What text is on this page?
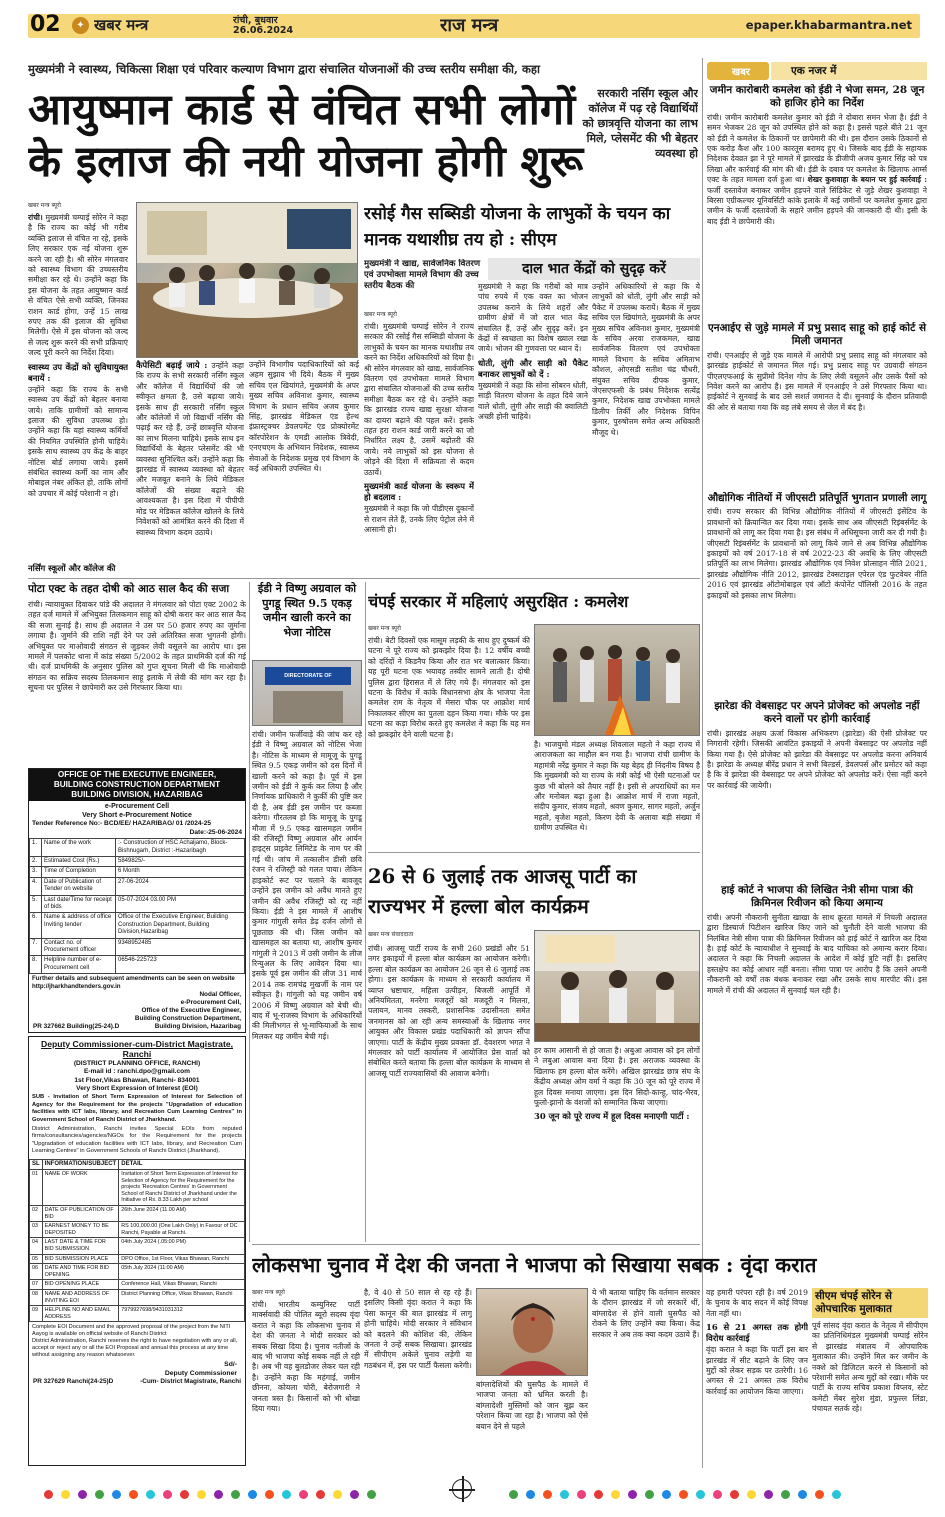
02	✦ खबर मन्त्र	रांची, बुधवार
26.06.2024	राज मन्त्र	epaper.khabarmantra.net
मुख्यमंत्री ने स्वास्थ्य, चिकित्सा शिक्षा एवं परिवार कल्याण विभाग द्वारा संचालित योजनाओं की उच्च स्तरीय समीक्षा की, कहा
आयुष्मान कार्ड से वंचित सभी लोगों के इलाज की नयी योजना होगी शुरू
सरकारी नर्सिंग स्कूल और कॉलेज में पढ़ रहे विद्यार्थियों को छात्रवृत्ति योजना का लाभ मिले, प्लेसमेंट की भी बेहतर व्यवस्था हो
खबर मन्त्र ब्यूरो
रांची। मुख्यमंत्री चम्पाई सोरेन ने कहा है कि राज्य का कोई भी गरीब व्यक्ति इलाज से वंचित ना रहे, इसके लिए सरकार एक नई योजना शुरू करने जा रही है। श्री सोरेन मंगलवार को स्वास्थ्य विभाग की उच्चस्तरीय समीक्षा कर रहे थे। उन्होंने कहा कि इस योजना के तहत आयुष्मान कार्ड से वंचित ऐसे सभी व्यक्ति, जिनका राशन कार्ड होगा, उन्हें 15 लाख रुपए तक की इलाज की सुविधा मिलेगी। ऐसे में इस योजना को जल्द से जल्द शुरू करने की सभी प्रक्रियाएं जल्द पूरी करने का निर्देश दिया।
स्वास्थ्य उप केंद्रों को सुविधायुक्त बनायें :
उन्होंने कहा कि राज्य के सभी स्वास्थ्य उप केंद्रों को बेहतर बनाया जाये। ताकि ग्रामीणों को सामान्य इलाज की सुविधा उपलब्ध हो। उन्होंने कहा कि यहां स्वास्थ्य कर्मियों की नियमित उपस्थिति होनी चाहिये। इसके साथ स्वास्थ्य उप केंद्र के बाहर नोटिस बोर्ड लगाया जाये। इसमें संबंधित स्वास्थ्य कर्मी का नाम और मोबाइल नंबर अंकित हो, ताकि लोगों को उपचार में कोई परेशानी न हो।
नर्सिंग स्कूलों और कॉलेज की
कैपेसिटी बढ़ाई जाये : उन्होंने कहा कि राज्य के सभी सरकारी नर्सिंग स्कूल और कॉलेज में विद्यार्थियों की जो स्वीकृत क्षमता है, उसे बढ़ाया जाये। इसके साथ ही सरकारी नर्सिंग स्कूल और कॉलेजों में जो विद्यार्थी नर्सिंग की पढ़ाई कर रहे हैं, उन्हें छात्रवृत्ति योजना का लाभ मिलना चाहिये। इसके साथ इन विद्यार्थियों के बेहतर प्लेसमेंट की भी व्यवस्था सुनिश्चित करें। उन्होंने कहा कि झारखंड में स्वास्थ्य व्यवस्था को बेहतर और मजबूत बनाने के लिये मेडिकल कॉलेजों की संख्या बढ़ाने की आवश्यकता है। इस दिशा में पीपीपी मोड पर मेडिकल कॉलेज खोलने के लिये निवेशकों को आमंत्रित करने की दिशा में स्वास्थ्य विभाग कदम उठाये।
उन्होंने विभागीय पदाधिकारियों को कई अहम सुझाव भी दिये। बैठक में मुख्य सचिव एल खियांगते, मुख्यमंत्री के अपर मुख्य सचिव अविनाश कुमार, स्वास्थ्य विभाग के प्रधान सचिव अजय कुमार सिंह, झारखंड मेडिकल एंड हेल्थ इंफ्रास्ट्रक्चर डेवलपमेंट एंड प्रोक्योरमेंट कॉरपोरेशन के एमडी आलोक त्रिवेदी, एनएचएम के अभियान निदेशक, स्वास्थ्य सेवाओं के निदेशक प्रमुख एवं विभाग के कई अधिकारी उपस्थित थे।
रसोई गैस सब्सिडी योजना के लाभुकों के चयन का मानक यथाशीघ्र तय हो : सीएम
मुख्यमंत्री ने खाद्य, सार्वजनिक वितरण एवं उपभोक्ता मामले विभाग की उच्च स्तरीय बैठक की
दाल भात केंद्रों को सुदृढ़ करें
खबर मन्त्र ब्यूरो
रांची। मुख्यमंत्री चम्पाई सोरेन ने राज्य सरकार की रसोई गैस सब्सिडी योजना के लाभुकों के चयन का मानक यथाशीघ्र तय करने का निर्देश अधिकारियों को दिया है। श्री सोरेन मंगलवार को खाद्य, सार्वजनिक वितरण एवं उपभोक्ता मामले विभाग द्वारा संचालित योजनाओं की उच्च स्तरीय समीक्षा बैठक कर रहे थे। उन्होंने कहा कि झारखंड राज्य खाद्य सुरक्षा योजना का दायरा बढ़ाने की पहल करें। इसके तहत हरा राशन कार्ड जारी करने का जो निर्धारित लक्ष्य है, उसमें बढ़ोतरी की जाये। नये लाभुकों को इस योजना से जोड़ने की दिशा में सक्रियता से कदम उठायें।
मुख्यमंत्री कार्ड योजना के स्वरूप में हो बदलाव :
मुख्यमंत्री ने कहा कि जो पीडीएस दुकानों से राशन लेते हैं, उनके लिए पेट्रोल लेने में आसानी हो।
मुख्यमंत्री ने कहा कि गरीबों को मात्र पांच रुपये में एक वक्त का भोजन उपलब्ध कराने के लिये शहरों और ग्रामीण क्षेत्रों में जो दाल भात केंद्र संचालित हैं, उन्हें और सुदृढ़ करें। इन केंद्रों में स्वच्छता का विशेष ख्याल रखा जाये। भोजन की गुणवत्ता पर ध्यान दें।
धोती, लुंगी और साड़ी को पैकेट बनाकर लाभुकों को दें :
मुख्यमंत्री ने कहा कि सोना सोबरन धोती, साड़ी वितरण योजना के तहत दिये जाने वाले धोती, लुंगी और साड़ी की क्वालिटी अच्छी होनी चाहिये।
उन्होंने अधिकारियों से कहा कि ये लाभुकों को धोती, लुंगी और साड़ी को पैकेट में उपलब्ध करायें। बैठक में मुख्य सचिव एल खियांगते, मुख्यमंत्री के अपर मुख्य सचिव अविनाश कुमार, मुख्यमंत्री के सचिव अरवा राजकमल, खाद्य सार्वजनिक वितरण एवं उपभोक्ता मामले विभाग के सचिव अमिताभ कौशल, ओएसडी सतीश चंद्र चौधरी, संयुक्त सचिव दीपक कुमार, जेएसएफसी के प्रबंध निदेशक सत्येंद्र कुमार, निदेशक खाद्य उपभोक्ता मामले डिलीप तिर्की और निदेशक विपिन कुमार, पुरुषोत्तम समेत अन्य अधिकारी मौजूद थे।
पोटा एक्ट के तहत दोषी को आठ साल कैद की सजा
रांची। न्यायायुक्त दिवाकर पांडे की अदालत ने मंगलवार को पोटा एक्ट 2002 के तहत दर्ज मामले में अभियुक्त तिलकमान साहू को दोषी करार कर आठ साल कैद की सजा सुनाई है। साथ ही अदालत ने उस पर 50 हजार रुपए का जुर्माना लगाया है। जुर्माने की राशि नहीं देने पर उसे अतिरिक्त सजा भुगतनी होगी। अभियुक्त पर माओवादी संगठन से जुड़कर लेवी वसूलने का आरोप था। इस मामले में पलकोट थाना में कांड संख्या 5/2002 के तहत प्राथमिकी दर्ज की गई थी। दर्ज प्राथमिकी के अनुसार पुलिस को गुप्त सूचना मिली थी कि माओवादी संगठन का सक्रिय सदस्य तिलकमान साहू इलाके में लेवी की मांग कर रहा है। सूचना पर पुलिस ने छापेमारी कर उसे गिरफ्तार किया था।
OFFICE OF THE EXECUTIVE ENGINEER,
BUILDING CONSTRUCTION DEPARTMENT
BUILDING DIVISION, HAZARIBAG
e-Procurement Cell
Very Short e-Procurement Notice
Tender Reference No:- BCD/EE/ HAZARIBAG/ 01 /2024-25
Date:-25-06-2024
1.	Name of the work	:- Construction of HSC Achaljamo, Block- Bishnugarh, District :-Hazaribagh
2.	Estimated Cost (Rs.)	5849825/-
3.	Time of Completion	6 Month
4.	Date of Publication of Tender on website	27-06-2024
5.	Last date/Time for receipt of bids	05-07-2024 03.00 PM
6.	Name & address of office Inviting tender	Office of the Executive Engineer, Building Construction Department, Building Division,Hazaribag
7.	Contact no. of Procurement officer	9348952485
8.	Helpline number of e-Procurement cell	06546-225723
Further details and subsequent amendments can be seen on website http://jharkhandtenders.gov.in
Nodal Officer,
e-Procurement Cell,
Office of the Executive Engineer,
Building Construction Department,
PR 327662 Building(25-24).D	Building Division, Hazaribag
Deputy Commissioner-cum-District Magistrate, Ranchi
(DISTRICT PLANNING OFFICE, RANCHI)
E-mail id : ranchi.dpo@gmail.com
1st Floor,Vikas Bhawan, Ranchi- 834001
Very Short Expression of Interest (EOI)
SUB - Invitation of Short Term Expression of Interest for Selection of Agency for the Requirement for the projects "Upgradation of education facilities with ICT labs, library, and Recreation Cum Learning Centres" in Government School of Ranchi District of Jharkhand.
District Administration, Ranchi invites Special EOIs from reputed firms/consultancies/agencies/NGOs for the Requirement for the projects "Upgradation of education facilities with ICT labs, library, and Recreation Cum Learning Centres" in Government Schools of Ranchi District (Jharkhand).
SL	INFORMATION/SUBJECT	DETAIL
01	NAME OF WORK	Invitation of Short Term Expression of Interest for Selection of Agency for the Requirement for the projects 'Recreation Centres' in Government School of Ranchi District of Jharkhand under the Initiative of Rs. 8.33 Lakh per school
02	DATE OF PUBLICATION OF BID	26th June 2024 (11.00 AM)
03	EARNEST MONEY TO BE DEPOSITED	RS 100,000.00 (One Lakh Only) in Favour of DC Ranchi, Payable at Ranchi.
04	LAST DATE & TIME FOR BID SUBMISSION	04th July 2024 (.05:00 PM)
05	BID SUBMISSION PLACE	DPO Office, 1st Floor, Vikas Bhawan, Ranchi
06	DATE AND TIME FOR BID OPENING	05th July 2024 (11:00 AM)
07	BID OPENING PLACE	Conference Hall, Vikas Bhawan, Ranchi
08	NAME AND ADDRESS OF INVITING EOI	District Planning Office, Vikas Bhawan, Ranchi
09	HELPLINE NO AND EMAIL ADDRESS	7979927698/9431031312
Complete EOI Document and the approved proposal of the project from the NITI Aayog is available on official website of Ranchi District
District Administration, Ranchi reserves the right to have negotiation with any or all, accept or reject any or all the EOI Proposal and annual this process at any time without assigning any reason whatsoever.
Sd/-
Deputy Commissioner
PR 327629 Ranchi(24-25)D	-Cum- District Magistrate, Ranchi
ईडी ने विष्णु अग्रवाल को पुगडू स्थित 9.5 एकड़ जमीन खाली करने का भेजा नोटिस
DIRECTORATE OF
रांची। जमीन फर्जीवाड़े की जांच कर रहे ईडी ने विष्णु अग्रवाल को नोटिस भेजा है। नोटिस के माध्यम से मामूजू के पुगडू स्थित 9.5 एकड़ जमीन को दस दिनों में खाली करने को कहा है। पूर्व में इस जमीन को ईडी ने कुर्क कर लिया है और निर्णायक प्राधिकारी ने कुर्की की पुष्टि कर दी है, अब ईडी इस जमीन पर कब्जा करेगा। गौरतलब हो कि मामूजू के पुगडू मौजा में 9.5 एकड़ खासमहल जमीन की रजिस्ट्री विष्णु अग्रवाल और आर्यन हाइट्स प्राइवेट लिमिटेड के नाम पर की गई थी। जांच में तत्कालीन डीसी छवि रंजन ने रजिस्ट्री को गलत पाया। लेकिन हाइकोर्ट रूट पर चलाने के बावजूद उन्होंने इस जमीन को अवैध मानते हुए जमीन की अवैध रजिस्ट्री को रद्द नहीं किया। ईडी ने इस मामले में आशीष कुमार गांगुली समेत डेढ़ दर्जन लोगों से पूछताछ की थी। जिस जमीन को खासमहल का बताया था, आशीष कुमार गांगुली ने 2013 में उसी जमीन के लीज रिन्युअल के लिए आवेदन दिया था। इसके पूर्व इस जमीन की लीज 31 मार्च 2014 तक रामचंद्र मुखर्जी के नाम पर स्वीकृत है। गांगुली को यह जमीन वर्ष 2006 में विष्णु अग्रवाल को बेची थी। बाद में भू-राजस्व विभाग के अधिकारियों की मिलीभगत से भू-माफियाओं के साथ मिलकर यह जमीन बेची गई।
चंपई सरकार में महिलाएं असुरक्षित : कमलेश
खबर मन्त्र ब्यूरो
रांची। बेटी दिवसों एक मासूम लड़की के साथ हुए दुष्कर्म की घटना ने पूरे राज्य को झकझोर दिया है। 12 वर्षीय बच्ची को दरिंदों ने किडनैप किया और रात भर बलात्कार किया। यह पूरी घटना एक भयावह तस्वीर सामने लाती है। दोषी पुलिस द्वारा हिरासत में ले लिए गये हैं। मंगलवार को इस घटना के विरोध में कांके विधानसभा क्षेत्र के भाजपा नेता कमलेश राम के नेतृत्व में मेसरा चौक पर आक्रोश मार्च निकालकर सीएम का पुतला दहन किया गया। मौके पर इस घटना का कड़ा विरोध करते हुए कमलेश ने कहा कि यह मन को झकझोर देने वाली घटना है।
है। भाजयुमो मंडल अध्यक्ष शिवलाल महतो ने कहा राज्य में आराजकता का माहौल बन गया है। भाजपा रांची ग्रामीण के महामंत्री नरेंद्र कुमार ने कहा कि यह बेहद ही निंदनीय विषय है कि मुख्यमंत्री को या राज्य के मंत्री कोई भी ऐसी घटनाओं पर कुछ भी बोलने को तैयार नहीं है। इसी से अपराधियों का मन और मनोबल बढ़ा हुआ है। आक्रोश मार्च में राजा महतो, संदीप कुमार, संजय महतो, श्रवण कुमार, सागर महतो, अर्जुन महतो, बृजेश महतो, किरण देवी के अलावा बड़ी संख्या में ग्रामीण उपस्थित थे।
26 से 6 जुलाई तक आजसू पार्टी का राज्यभर में हल्ला बोल कार्यक्रम
खबर मन्त्र संवाददाता
रांची। आजसू पार्टी राज्य के सभी 260 प्रखंडों और 51 नगर इकाइयों में हल्ला बोल कार्यक्रम का आयोजन करेगी। हल्ला बोल कार्यक्रम का आयोजन 26 जून से 6 जुलाई तक होगा। इस कार्यक्रम के माध्यम से सरकारी कार्यालय में व्याप्त भ्रष्टाचार, महिला उत्पीड़न, बिजली आपूर्ति में अनियमितता, मनरेगा मजदूरों को मजदूरी न मिलना, पलायन, मानव तस्करी, प्रशासनिक उदासीनता समेत जनमानस को आ रही अन्य समस्याओं के खिलाफ नगर आयुक्त और विकास प्रखंड पदाधिकारी को ज्ञापन सौंपा जाएगा। पार्टी के केंद्रीय मुख्य प्रवक्ता डॉ. देवशरण भगत ने मंगलवार को पार्टी कार्यालय में आयोजित प्रेस वार्ता को संबोधित करते बताया कि हल्ला बोल कार्यक्रम के माध्यम से आजसू पार्टी राज्यवासियों की आवाज बनेगी।
हर काम आसानी से हो जाता है। अबुआ आवास को इन लोगों ने लबुआ आवास बना दिया है। इस अराजक व्यवस्था के खिलाफ हम हल्ला बोल करेंगे। अखिल झारखंड छात्र संघ के केंद्रीय अध्यक्ष ओम वर्मा ने कहा कि 30 जून को पूरे राज्य में हूल दिवस मनाया जाएगा। इस दिन सिदो-कान्हू, चांद-भैरव, फूलो-झानो के वंशजों को सम्मानित किया जाएगा।
30 जून को पूरे राज्य में हूल दिवस मनाएगी पार्टी :
लोकसभा चुनाव में देश की जनता ने भाजपा को सिखाया सबक : वृंदा करात
खबर मन्त्र ब्यूरो
रांची। भारतीय कम्युनिस्ट पार्टी मार्क्सवादी की पोलित ब्यूरो सदस्य वृंदा करात ने कहा कि लोकसभा चुनाव में देश की जनता ने मोदी सरकार को सबक सिखा दिया है। चुनाव नतीजों के बाद भी भाजपा कोई सबक नहीं ले रही है। अब भी वह बुलडोजर लेकर चल रही है। उन्होंने कहा कि महंगाई, जमीन छीनना, कोयला चोरी, बेरोजगारी ने जनता त्रस्त है। किसानों को भी धोखा दिया गया।
है, वे 40 से 50 साल से रह रहे हैं। इसलिए किसी वृंदा करात ने कहा कि पेसा कानून की बात झारखंड में लागू होनी चाहिये। मोदी सरकार ने संविधान को बदलने की कोशिश की, लेकिन जनता ने उन्हें सबक सिखाया। झारखंड में सीपीएम अकेले चुनाव लड़ेगी या गठबंधन में, इस पर पार्टी फैसला करेगी।
बांग्लादेशियों की घुसपैठ के मामले में भाजपा जनता को भ्रमित करती है। बांग्लादेशी मुस्लिमों को जान बूझ कर परेशान किया जा रहा है। भाजपा को ऐसे बयान देने से पहले
ये भी बताया चाहिए कि वर्तमान सरकार के दौरान झारखंड में जो सरकारें थीं, बांग्लादेश से होने वाली घुसपैठ को रोकने के लिए उन्होंने क्या किया। केंद्र सरकार ने अब तक क्या कदम उठाये हैं।
वह हमारी परंपरा रही है। वर्ष 2019 के चुनाव के बाद सदन में कोई विपक्ष नेता नहीं था।
16 से 21 अगस्त तक होगी विरोध कार्रवाई
वृंदा करात ने कहा कि पार्टी इस बार झारखंड में सीट बढ़ाने के लिए जन मुद्दों को लेकर सड़क पर उतरेगी। 16 अगस्त से 21 अगस्त तक विरोध कार्रवाई का आयोजन किया जाएगा।
सीएम चंपई सोरेन से ओपचारिक मुलाकात
पूर्व सांसद वृंदा करात के नेतृत्व में सीपीएम का प्रतिनिधिमंडल मुख्यमंत्री चम्पाई सोरेन से झारखंड मंत्रालय में ओपचारिक मुलाकात की। उन्होंने मिल कर जमीन के नक्शे को डिजिटल करने से किसानों को परेशानी समेत अन्य मुद्दों को रखा। मौके पर पार्टी के राज्य सचिव प्रकाश विप्लव, स्टेट कमेटी मेंबर सुरेश मुंडा, प्रफुल्ल लिंडा, पंचायत सतर्क रहे।
खबर	एक नजर में
जमीन कारोबारी कमलेश को ईडी ने भेजा समन, 28 जून को हाजिर होने का निर्देश
रांची। जमीन कारोबारी कमलेश कुमार को ईडी ने दोबारा समन भेजा है। ईडी ने समन भेजकर 28 जून को उपस्थित होने को कहा है। इससे पहले बीते 21 जून को ईडी ने कमलेश के ठिकानों पर छापेमारी की थी। इस दौरान उसके ठिकानों से एक करोड़ कैश और 100 कारतूस बरामद हुए थे। जिसके बाद ईडी के सहायक निदेशक देवव्रत झा ने पूरे मामले में झारखंड के डीजीपी अजय कुमार सिंह को पत्र लिखा और कार्रवाई की मांग की थी। ईडी के दबाव पर कमलेश के खिलाफ आर्म्स एक्ट के तहत मामला दर्ज हुआ था। शेखर कुशवाहा के बयान पर हुई कार्रवाई : फर्जी दस्तावेज बनाकर जमीन हड़पने वाले सिंडिकेट से जुड़े शेखर कुशवाहा ने बिरसा एग्रीकल्चर यूनिवर्सिटी कांके इलाके में कई जमीनों पर कमलेश कुमार द्वारा जमीन के फर्जी दस्तावेजों के सहारे जमीन हड़पने की जानकारी दी थी। इसी के बाद ईडी ने छापेमारी की।
एनआईए से जुड़े मामले में प्रभु प्रसाद साहू को हाई कोर्ट से मिली जमानत
रांची। एनआईए से जुड़े एक मामले में आरोपी प्रभु प्रसाद साहू को मंगलवार को झारखंड हाईकोर्ट से जमानत मिल गई। प्रभु प्रसाद साहू पर उग्रवादी संगठन पीएलएफआई के सुप्रीमो दिनेश गोप के लिए लेवी वसूलने और उसके पैसों को निवेश करने का आरोप है। इस मामले में एनआईए ने उसे गिरफ्तार किया था। हाईकोर्ट ने सुनवाई के बाद उसे सशर्त जमानत दे दी। सुनवाई के दौरान प्रतिवादी की ओर से बताया गया कि वह लंबे समय से जेल में बंद है।
औद्योगिक नीतियों में जीएसटी प्रतिपूर्ति भुगतान प्रणाली लागू
रांची। राज्य सरकार की विभिन्न औद्योगिक नीतियों में जीएसटी इंसेंटिव के प्रावधानों को क्रियान्वित कर दिया गया। इसके साथ अब जीएसटी रिइंबर्समेंट के प्रावधानों को लागू कर दिया गया है। इस संबंध में अधिसूचना जारी कर दी गयी है। जीएसटी रिइंबर्समेंट के प्रावधानों को लागू किये जाने से अब विभिन्न औद्योगिक इकाइयों को वर्ष 2017-18 से वर्ष 2022-23 की अवधि के लिए जीएसटी प्रतिपूर्ति का लाभ मिलेगा। झारखंड औद्योगिक एवं निवेश प्रोत्साहन नीति 2021, झारखंड औद्योगिक नीति 2012, झारखंड टेक्सटाइल एपेरल एंड फुटवेयर नीति 2016 एवं झारखंड ऑटोमोबाइल एवं ऑटो कंपोनेंट पॉलिसी 2016 के तहत इकाइयों को इसका लाभ मिलेगा।
झारेडा की वेबसाइट पर अपने प्रोजेक्ट को अपलोड नहीं करने वालों पर होगी कार्रवाई
रांची। झारखंड अक्षय ऊर्जा विकास अभिकरण (झारेडा) की ऐसी प्रोजेक्ट पर निगरानी रहेगी। जिसकी आवंटित इकाइयों ने अपनी वेबसाइट पर अपलोड नहीं किया गया है। ऐसे प्रोजेक्ट को झारेडा की वेबसाइट पर अपलोड करना अनिवार्य है। झारेडा के अध्यक्ष बीरेंद्र प्रधान ने सभी बिल्डर्स, डेवलपर्स और प्रमोटर को कहा है कि वे झारेडा की वेबसाइट पर अपने प्रोजेक्ट को अपलोड करें। ऐसा नहीं करने पर कार्रवाई की जायेगी।
हाई कोर्ट ने भाजपा की लिखित नेत्री सीमा पात्रा की क्रिमिनल रिवीजन को किया अमान्य
रांची। अपनी नौकरानी सुनीता खाखा के साथ क्रूरता मामले में निचली अदालत द्वारा डिस्चार्ज पिटीशन खारिज किए जाने को चुनौती देने वाली भाजपा की निलंबित नेत्री सीमा पात्रा की क्रिमिनल रिवीजन को हाई कोर्ट ने खारिज कर दिया है। हाई कोर्ट के न्यायाधीश ने सुनवाई के बाद याचिका को अमान्य करार दिया। अदालत ने कहा कि निचली अदालत के आदेश में कोई त्रुटि नहीं है। इसलिए हस्तक्षेप का कोई आधार नहीं बनता। सीमा पात्रा पर आरोप है कि उसने अपनी नौकरानी को वर्षों तक बंधक बनाकर रखा और उसके साथ मारपीट की। इस मामले में रांची की अदालत में सुनवाई चल रही है।
